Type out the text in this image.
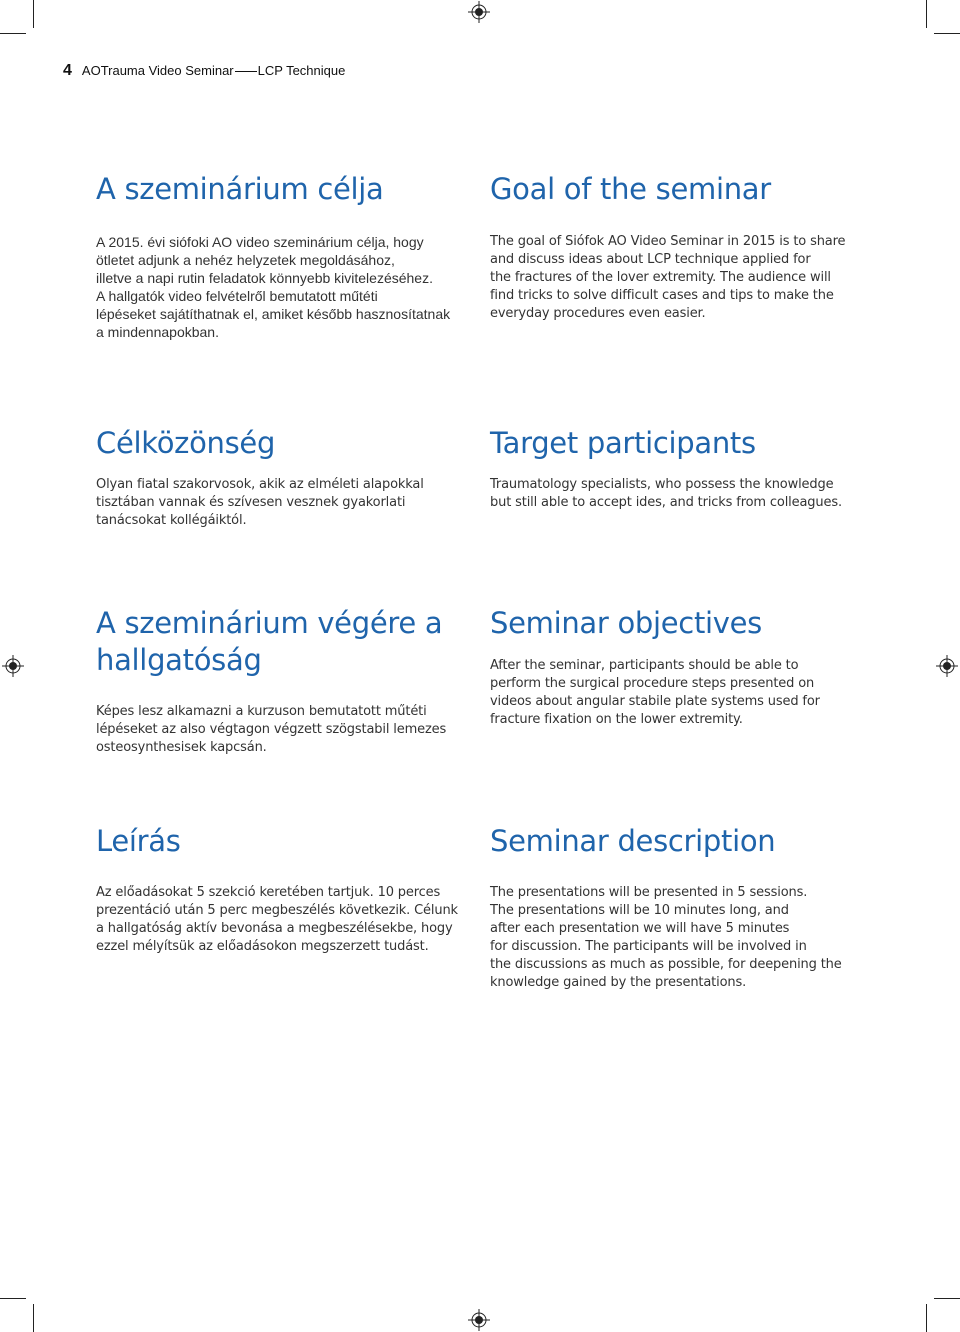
4 AOTrauma Video Seminar LCP Technique
A szeminárium célja

A 2015. évi siófoki AO video szeminárium célja, hogy

ötletet adjunk a nehéz helyzetek megoldásához,

illetve a napi rutin feladatok könnyebb kivitelezéséhez.

A hallgatók video felvételről bemutatott műtéti

lépéseket sajátíthatnak el, amiket később hasznosítatnak

a mindennapokban.

Goal of the seminar

The goal of Siófok AO Video Seminar in 2015 is to share

and discuss ideas about LCP technique applied for

the fractures of the lover extremity. The audience will

find tricks to solve difficult cases and tips to make the

everyday procedures even easier.

Célközönség

Olyan fiatal szakorvosok, akik az elméleti alapokkal

tisztában vannak és szívesen vesznek gyakorlati

tanácsokat kollégáiktól.

Target participants

Traumatology specialists, who possess the knowledge

but still able to accept ides, and tricks from colleagues.

A szeminárium végére a
hallgatóság

Képes lesz alkamazni a kurzuson bemutatott műtéti

lépéseket az also végtagon végzett szögstabil lemezes

osteosynthesisek kapcsán.

Seminar objectives

After the seminar, participants should be able to

perform the surgical procedure steps presented on

videos about angular stabile plate systems used for

fracture fixation on the lower extremity.

Leírás

Az előadásokat 5 szekció keretében tartjuk. 10 perces

prezentáció után 5 perc megbeszélés következik. Célunk

a hallgatóság aktív bevonása a megbeszélésekbe, hogy

ezzel mélyítsük az előadásokon megszerzett tudást.

Seminar description

The presentations will be presented in 5 sessions.

The presentations will be 10 minutes long, and

after each presentation we will have 5 minutes

for discussion. The participants will be involved in

the discussions as much as possible, for deepening the

knowledge gained by the presentations.
